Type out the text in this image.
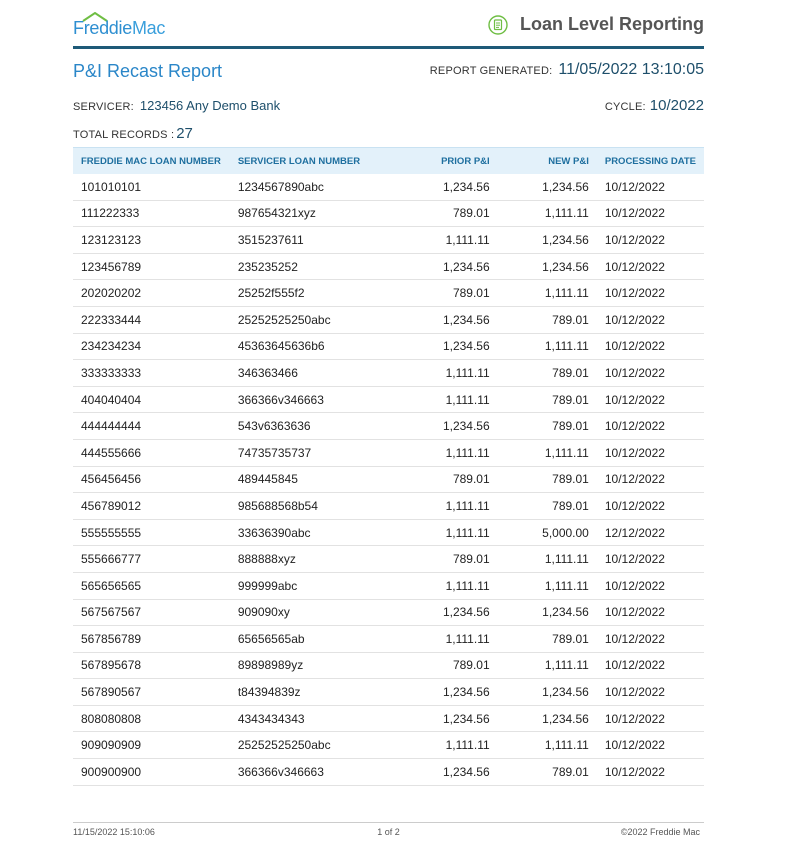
FreddieMac	Loan Level Reporting
P&I Recast Report	REPORT GENERATED: 11/05/2022 13:10:05
SERVICER: 123456 Any Demo Bank	CYCLE: 10/2022
TOTAL RECORDS : 27
FREDDIE MAC LOAN NUMBER	SERVICER LOAN NUMBER	PRIOR P&I	NEW P&I	PROCESSING DATE
101010101	1234567890abc	1,234.56	1,234.56	10/12/2022
111222333	987654321xyz	789.01	1,111.11	10/12/2022
123123123	3515237611	1,111.11	1,234.56	10/12/2022
123456789	235235252	1,234.56	1,234.56	10/12/2022
202020202	25252f555f2	789.01	1,111.11	10/12/2022
222333444	25252525250abc	1,234.56	789.01	10/12/2022
234234234	45363645636b6	1,234.56	1,111.11	10/12/2022
333333333	346363466	1,111.11	789.01	10/12/2022
404040404	366366v346663	1,111.11	789.01	10/12/2022
444444444	543v6363636	1,234.56	789.01	10/12/2022
444555666	74735735737	1,111.11	1,111.11	10/12/2022
456456456	489445845	789.01	789.01	10/12/2022
456789012	985688568b54	1,111.11	789.01	10/12/2022
555555555	33636390abc	1,111.11	5,000.00	12/12/2022
555666777	888888xyz	789.01	1,111.11	10/12/2022
565656565	999999abc	1,111.11	1,111.11	10/12/2022
567567567	909090xy	1,234.56	1,234.56	10/12/2022
567856789	65656565ab	1,111.11	789.01	10/12/2022
567895678	89898989yz	789.01	1,111.11	10/12/2022
567890567	t84394839z	1,234.56	1,234.56	10/12/2022
808080808	4343434343	1,234.56	1,234.56	10/12/2022
909090909	25252525250abc	1,111.11	1,111.11	10/12/2022
900900900	366366v346663	1,234.56	789.01	10/12/2022
11/15/2022 15:10:06	1 of 2	©2022 Freddie Mac
